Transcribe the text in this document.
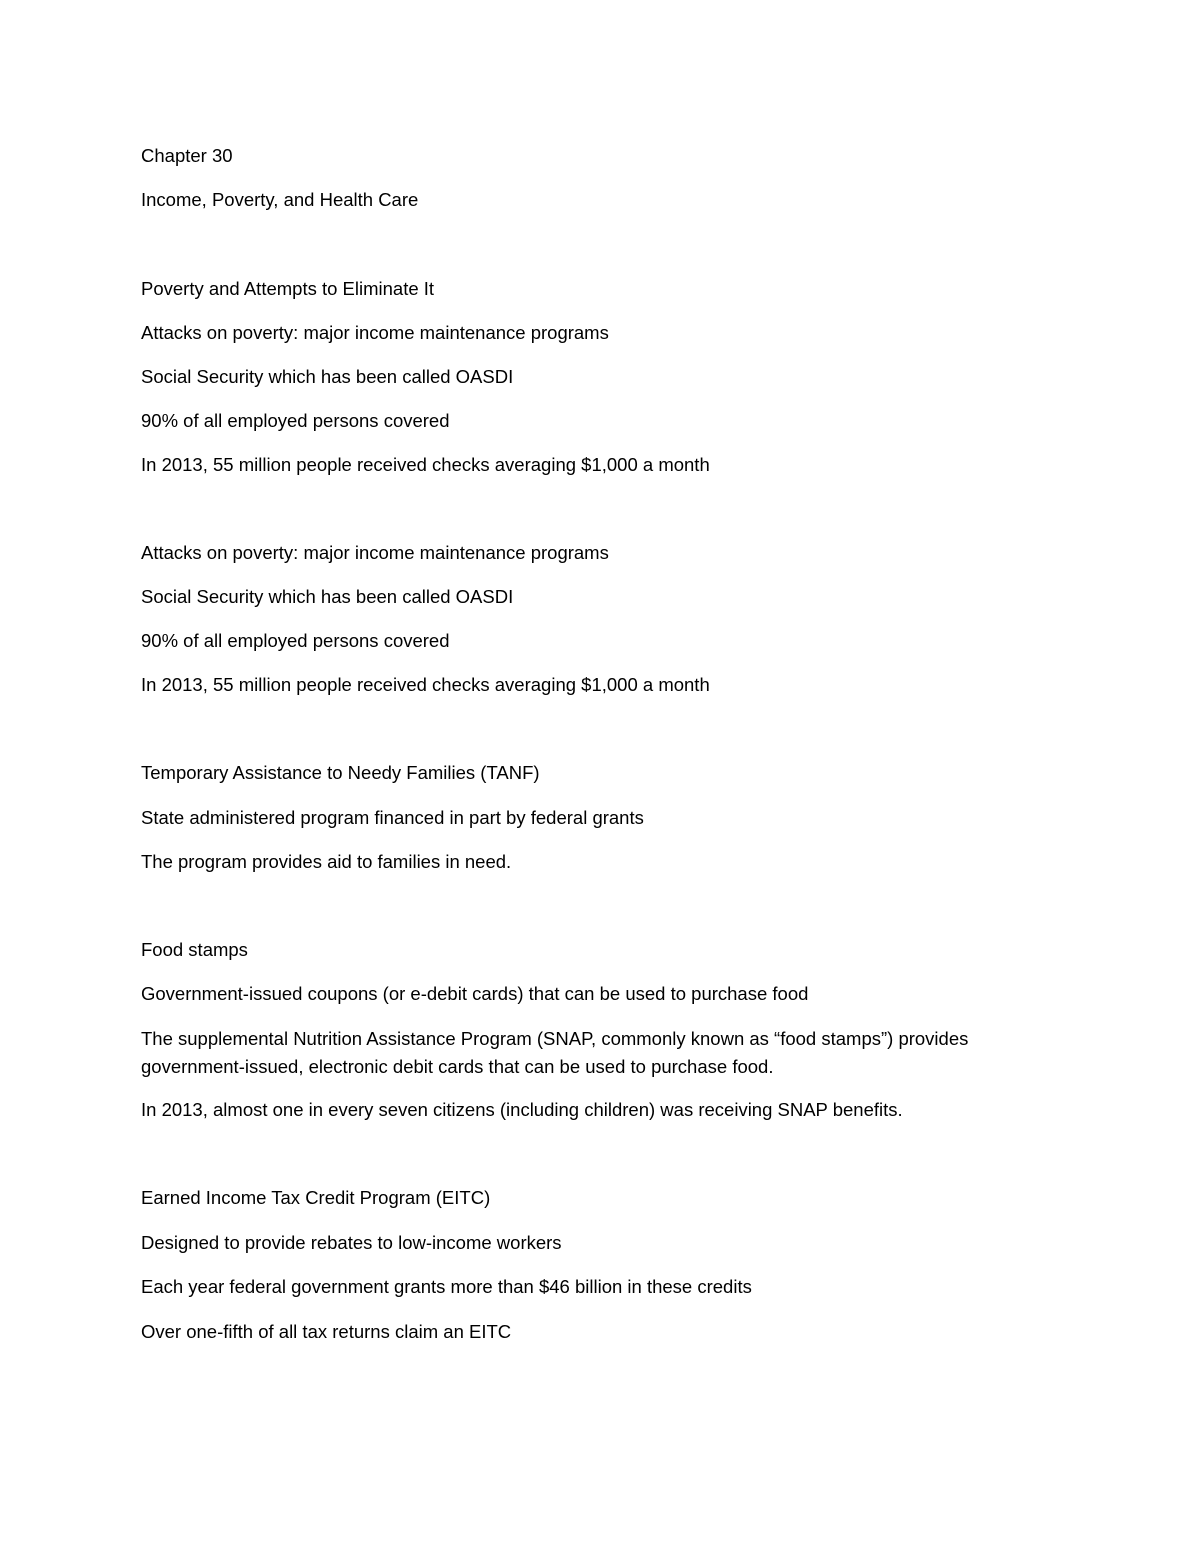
Chapter 30
Income, Poverty, and Health Care
Poverty and Attempts to Eliminate It
Attacks on poverty: major income maintenance programs
Social Security which has been called OASDI
90% of all employed persons covered
In 2013, 55 million people received checks averaging $1,000 a month
Attacks on poverty: major income maintenance programs
Social Security which has been called OASDI
90% of all employed persons covered
In 2013, 55 million people received checks averaging $1,000 a month
Temporary Assistance to Needy Families (TANF)
State administered program financed in part by federal grants
The program provides aid to families in need.
Food stamps
Government-issued coupons (or e-debit cards) that can be used to purchase food
The supplemental Nutrition Assistance Program (SNAP, commonly known as “food stamps”) provides government-issued, electronic debit cards that can be used to purchase food.
In 2013, almost one in every seven citizens (including children) was receiving SNAP benefits.
Earned Income Tax Credit Program (EITC)
Designed to provide rebates to low-income workers
Each year federal government grants more than $46 billion in these credits
Over one-fifth of all tax returns claim an EITC
